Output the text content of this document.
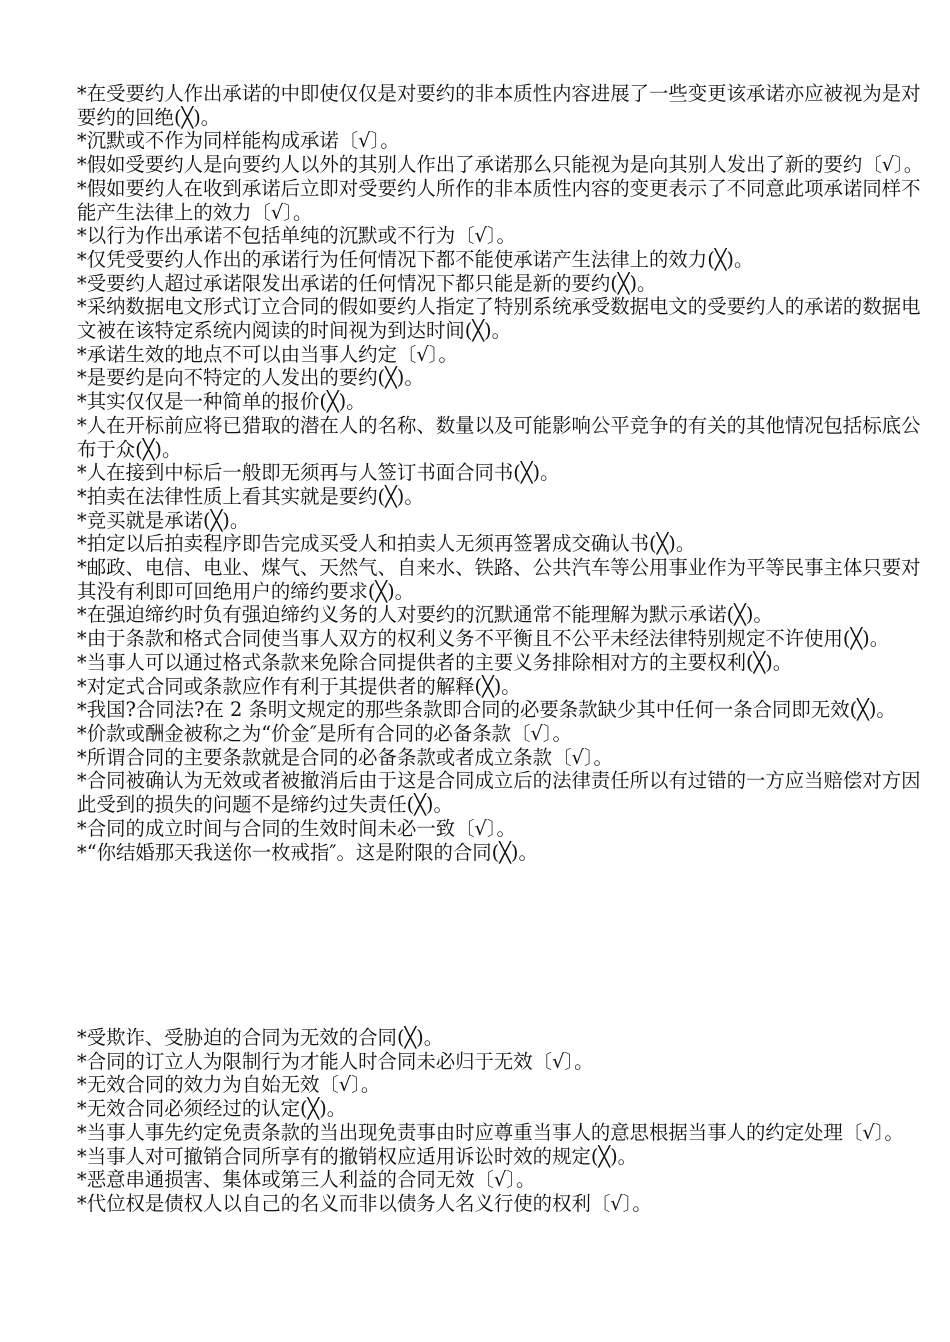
*在受要约人作出承诺的中即使仅仅是对要约的非本质性内容进展了一些变更该承诺亦应被视为是对要约的回绝(╳)。

*沉默或不作为同样能构成承诺〔√〕。

*假如受要约人是向要约人以外的其别人作出了承诺那么只能视为是向其别人发出了新的要约〔√〕。

*假如要约人在收到承诺后立即对受要约人所作的非本质性内容的变更表示了不同意此项承诺同样不能产生法律上的效力〔√〕。

*以行为作出承诺不包括单纯的沉默或不行为〔√〕。

*仅凭受要约人作出的承诺行为任何情况下都不能使承诺产生法律上的效力(╳)。

*受要约人超过承诺限发出承诺的任何情况下都只能是新的要约(╳)。

*采纳数据电文形式订立合同的假如要约人指定了特别系统承受数据电文的受要约人的承诺的数据电文被在该特定系统内阅读的时间视为到达时间(╳)。

*承诺生效的地点不可以由当事人约定〔√〕。

*是要约是向不特定的人发出的要约(╳)。

*其实仅仅是一种简单的报价(╳)。

*人在开标前应将已猎取的潜在人的名称、数量以及可能影响公平竞争的有关的其他情况包括标底公布于众(╳)。

*人在接到中标后一般即无须再与人签订书面合同书(╳)。

*拍卖在法律性质上看其实就是要约(╳)。

*竞买就是承诺(╳)。

*拍定以后拍卖程序即告完成买受人和拍卖人无须再签署成交确认书(╳)。

*邮政、电信、电业、煤气、天然气、自来水、铁路、公共汽车等公用事业作为平等民事主体只要对其没有利即可回绝用户的缔约要求(╳)。

*在强迫缔约时负有强迫缔约义务的人对要约的沉默通常不能理解为默示承诺(╳)。

*由于条款和格式合同使当事人双方的权利义务不平衡且不公平未经法律特别规定不许使用(╳)。

*当事人可以通过格式条款来免除合同提供者的主要义务排除相对方的主要权利(╳)。

*对定式合同或条款应作有利于其提供者的解释(╳)。

*我国?合同法?在 2 条明文规定的那些条款即合同的必要条款缺少其中任何一条合同即无效(╳)。

*价款或酬金被称之为“价金″是所有合同的必备条款〔√〕。

*所谓合同的主要条款就是合同的必备条款或者成立条款〔√〕。

*合同被确认为无效或者被撤消后由于这是合同成立后的法律责任所以有过错的一方应当赔偿对方因此受到的损失的问题不是缔约过失责任(╳)。

*合同的成立时间与合同的生效时间未必一致〔√〕。

*“你结婚那天我送你一枚戒指″。这是附限的合同(╳)。

*受欺诈、受胁迫的合同为无效的合同(╳)。

*合同的订立人为限制行为才能人时合同未必归于无效〔√〕。

*无效合同的效力为自始无效〔√〕。

*无效合同必须经过的认定(╳)。

*当事人事先约定免责条款的当出现免责事由时应尊重当事人的意思根据当事人的约定处理〔√〕。

*当事人对可撤销合同所享有的撤销权应适用诉讼时效的规定(╳)。

*恶意串通损害、集体或第三人利益的合同无效〔√〕。

*代位权是债权人以自己的名义而非以债务人名义行使的权利〔√〕。
